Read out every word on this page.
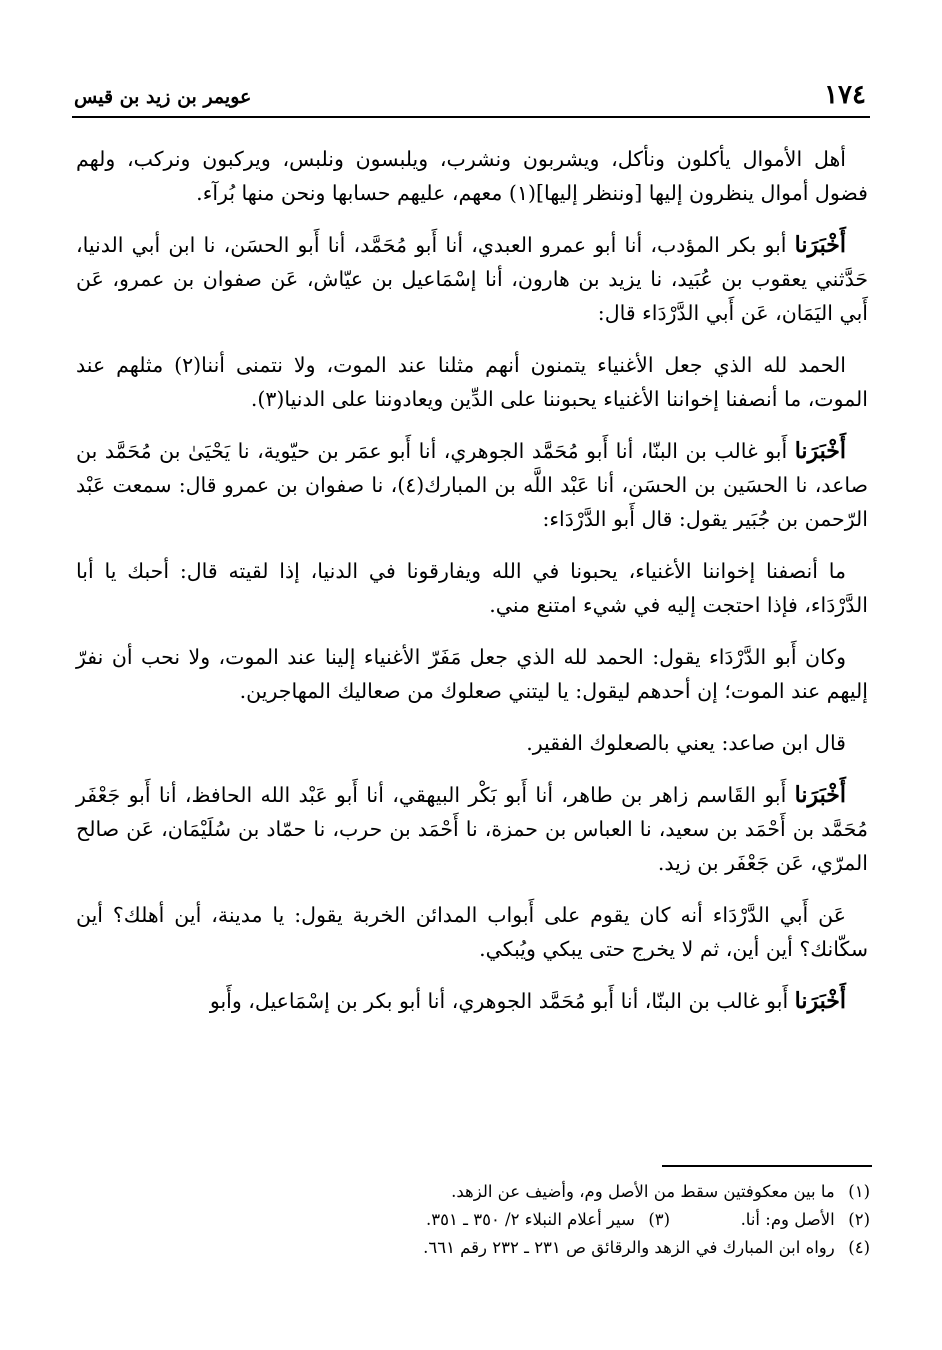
١٧٤
عويمر بن زيد بن قيس

أهل الأموال يأكلون ونأكل، ويشربون ونشرب، ويلبسون ونلبس، ويركبون ونركب، ولهم فضول أموال ينظرون إليها [وننظر إليها](١) معهم، عليهم حسابها ونحن منها بُرآء.

أَخْبَرَنا أبو بكر المؤدب، أنا أبو عمرو العبدي، أنا أَبو مُحَمَّد، أنا أَبو الحسَن، نا ابن أبي الدنيا، حَدَّثني يعقوب بن عُبَيد، نا يزيد بن هارون، أنا إسْمَاعيل بن عيّاش، عَن صفوان بن عمرو، عَن أَبي اليَمَان، عَن أَبي الدَّرْدَاء قال:

الحمد لله الذي جعل الأغنياء يتمنون أنهم مثلنا عند الموت، ولا نتمنى أننا(٢) مثلهم عند الموت، ما أنصفنا إخواننا الأغنياء يحبوننا على الدِّين ويعادوننا على الدنيا(٣).

أَخْبَرَنا أَبو غالب بن البنّا، أنا أَبو مُحَمَّد الجوهري، أنا أَبو عمَر بن حيّوية، نا يَحْيَىٰ بن مُحَمَّد بن صاعد، نا الحسَين بن الحسَن، أنا عَبْد اللَّه بن المبارك(٤)، نا صفوان بن عمرو قال: سمعت عَبْد الرّحمن بن جُبَير يقول: قال أَبو الدَّرْدَاء:

ما أنصفنا إخواننا الأغنياء، يحبونا في الله ويفارقونا في الدنيا، إذا لقيته قال: أحبك يا أبا الدَّرْدَاء، فإذا احتجت إليه في شيء امتنع مني.

وكان أَبو الدَّرْدَاء يقول: الحمد لله الذي جعل مَفَرّ الأغنياء إلينا عند الموت، ولا نحب أن نفرّ إليهم عند الموت؛ إن أحدهم ليقول: يا ليتني صعلوك من صعاليك المهاجرين.

قال ابن صاعد: يعني بالصعلوك الفقير.

أَخْبَرَنا أَبو القَاسم زاهر بن طاهر، أنا أَبو بَكْر البيهقي، أنا أَبو عَبْد الله الحافظ، أنا أَبو جَعْفَر مُحَمَّد بن أَحْمَد بن سعيد، نا العباس بن حمزة، نا أَحْمَد بن حرب، نا حمّاد بن سُلَيْمَان، عَن صالح المرّي، عَن جَعْفَر بن زيد.

عَن أَبي الدَّرْدَاء أنه كان يقوم على أَبواب المدائن الخربة يقول: يا مدينة، أين أهلك؟ أين سكّانك؟ أين أين، ثم لا يخرج حتى يبكي ويُبكي.

أَخْبَرَنا أَبو غالب بن البنّا، أنا أَبو مُحَمَّد الجوهري، أنا أبو بكر بن إسْمَاعيل، وأَبو

(١) ما بين معكوفتين سقط من الأصل وم، وأضيف عن الزهد.
(٢) الأصل وم: أنا.  (٣) سير أعلام النبلاء ٢/ ٣٥٠ ـ ٣٥١.
(٤) رواه ابن المبارك في الزهد والرقائق ص ٢٣١ ـ ٢٣٢ رقم ٦٦١.
